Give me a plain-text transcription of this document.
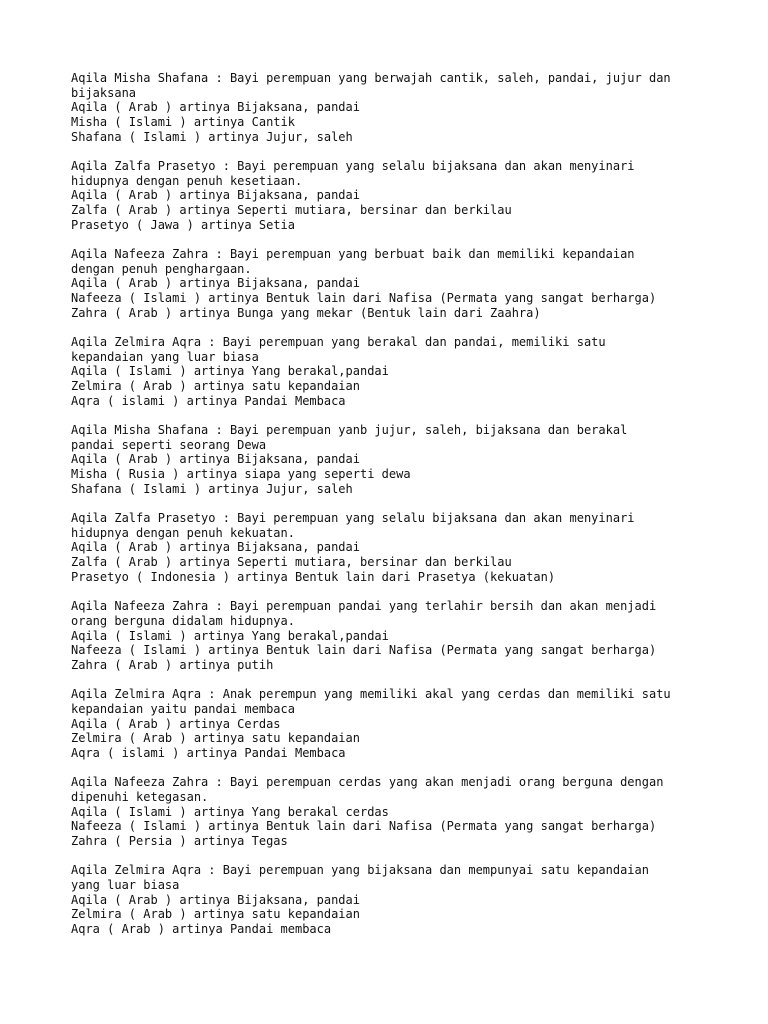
Aqila Misha Shafana : Bayi perempuan yang berwajah cantik, saleh, pandai, jujur dan
bijaksana
Aqila ( Arab ) artinya Bijaksana, pandai
Misha ( Islami ) artinya Cantik
Shafana ( Islami ) artinya Jujur, saleh
Aqila Zalfa Prasetyo : Bayi perempuan yang selalu bijaksana dan akan menyinari
hidupnya dengan penuh kesetiaan.
Aqila ( Arab ) artinya Bijaksana, pandai
Zalfa ( Arab ) artinya Seperti mutiara, bersinar dan berkilau
Prasetyo ( Jawa ) artinya Setia
Aqila Nafeeza Zahra : Bayi perempuan yang berbuat baik dan memiliki kepandaian
dengan penuh penghargaan.
Aqila ( Arab ) artinya Bijaksana, pandai
Nafeeza ( Islami ) artinya Bentuk lain dari Nafisa (Permata yang sangat berharga)
Zahra ( Arab ) artinya Bunga yang mekar (Bentuk lain dari Zaahra)
Aqila Zelmira Aqra : Bayi perempuan yang berakal dan pandai, memiliki satu
kepandaian yang luar biasa
Aqila ( Islami ) artinya Yang berakal,pandai
Zelmira ( Arab ) artinya satu kepandaian
Aqra ( islami ) artinya Pandai Membaca
Aqila Misha Shafana : Bayi perempuan yanb jujur, saleh, bijaksana dan berakal
pandai seperti seorang Dewa
Aqila ( Arab ) artinya Bijaksana, pandai
Misha ( Rusia ) artinya siapa yang seperti dewa
Shafana ( Islami ) artinya Jujur, saleh
Aqila Zalfa Prasetyo : Bayi perempuan yang selalu bijaksana dan akan menyinari
hidupnya dengan penuh kekuatan.
Aqila ( Arab ) artinya Bijaksana, pandai
Zalfa ( Arab ) artinya Seperti mutiara, bersinar dan berkilau
Prasetyo ( Indonesia ) artinya Bentuk lain dari Prasetya (kekuatan)
Aqila Nafeeza Zahra : Bayi perempuan pandai yang terlahir bersih dan akan menjadi
orang berguna didalam hidupnya.
Aqila ( Islami ) artinya Yang berakal,pandai
Nafeeza ( Islami ) artinya Bentuk lain dari Nafisa (Permata yang sangat berharga)
Zahra ( Arab ) artinya putih
Aqila Zelmira Aqra : Anak perempun yang memiliki akal yang cerdas dan memiliki satu
kepandaian yaitu pandai membaca
Aqila ( Arab ) artinya Cerdas
Zelmira ( Arab ) artinya satu kepandaian
Aqra ( islami ) artinya Pandai Membaca
Aqila Nafeeza Zahra : Bayi perempuan cerdas yang akan menjadi orang berguna dengan
dipenuhi ketegasan.
Aqila ( Islami ) artinya Yang berakal cerdas
Nafeeza ( Islami ) artinya Bentuk lain dari Nafisa (Permata yang sangat berharga)
Zahra ( Persia ) artinya Tegas
Aqila Zelmira Aqra : Bayi perempuan yang bijaksana dan mempunyai satu kepandaian
yang luar biasa
Aqila ( Arab ) artinya Bijaksana, pandai
Zelmira ( Arab ) artinya satu kepandaian
Aqra ( Arab ) artinya Pandai membaca
